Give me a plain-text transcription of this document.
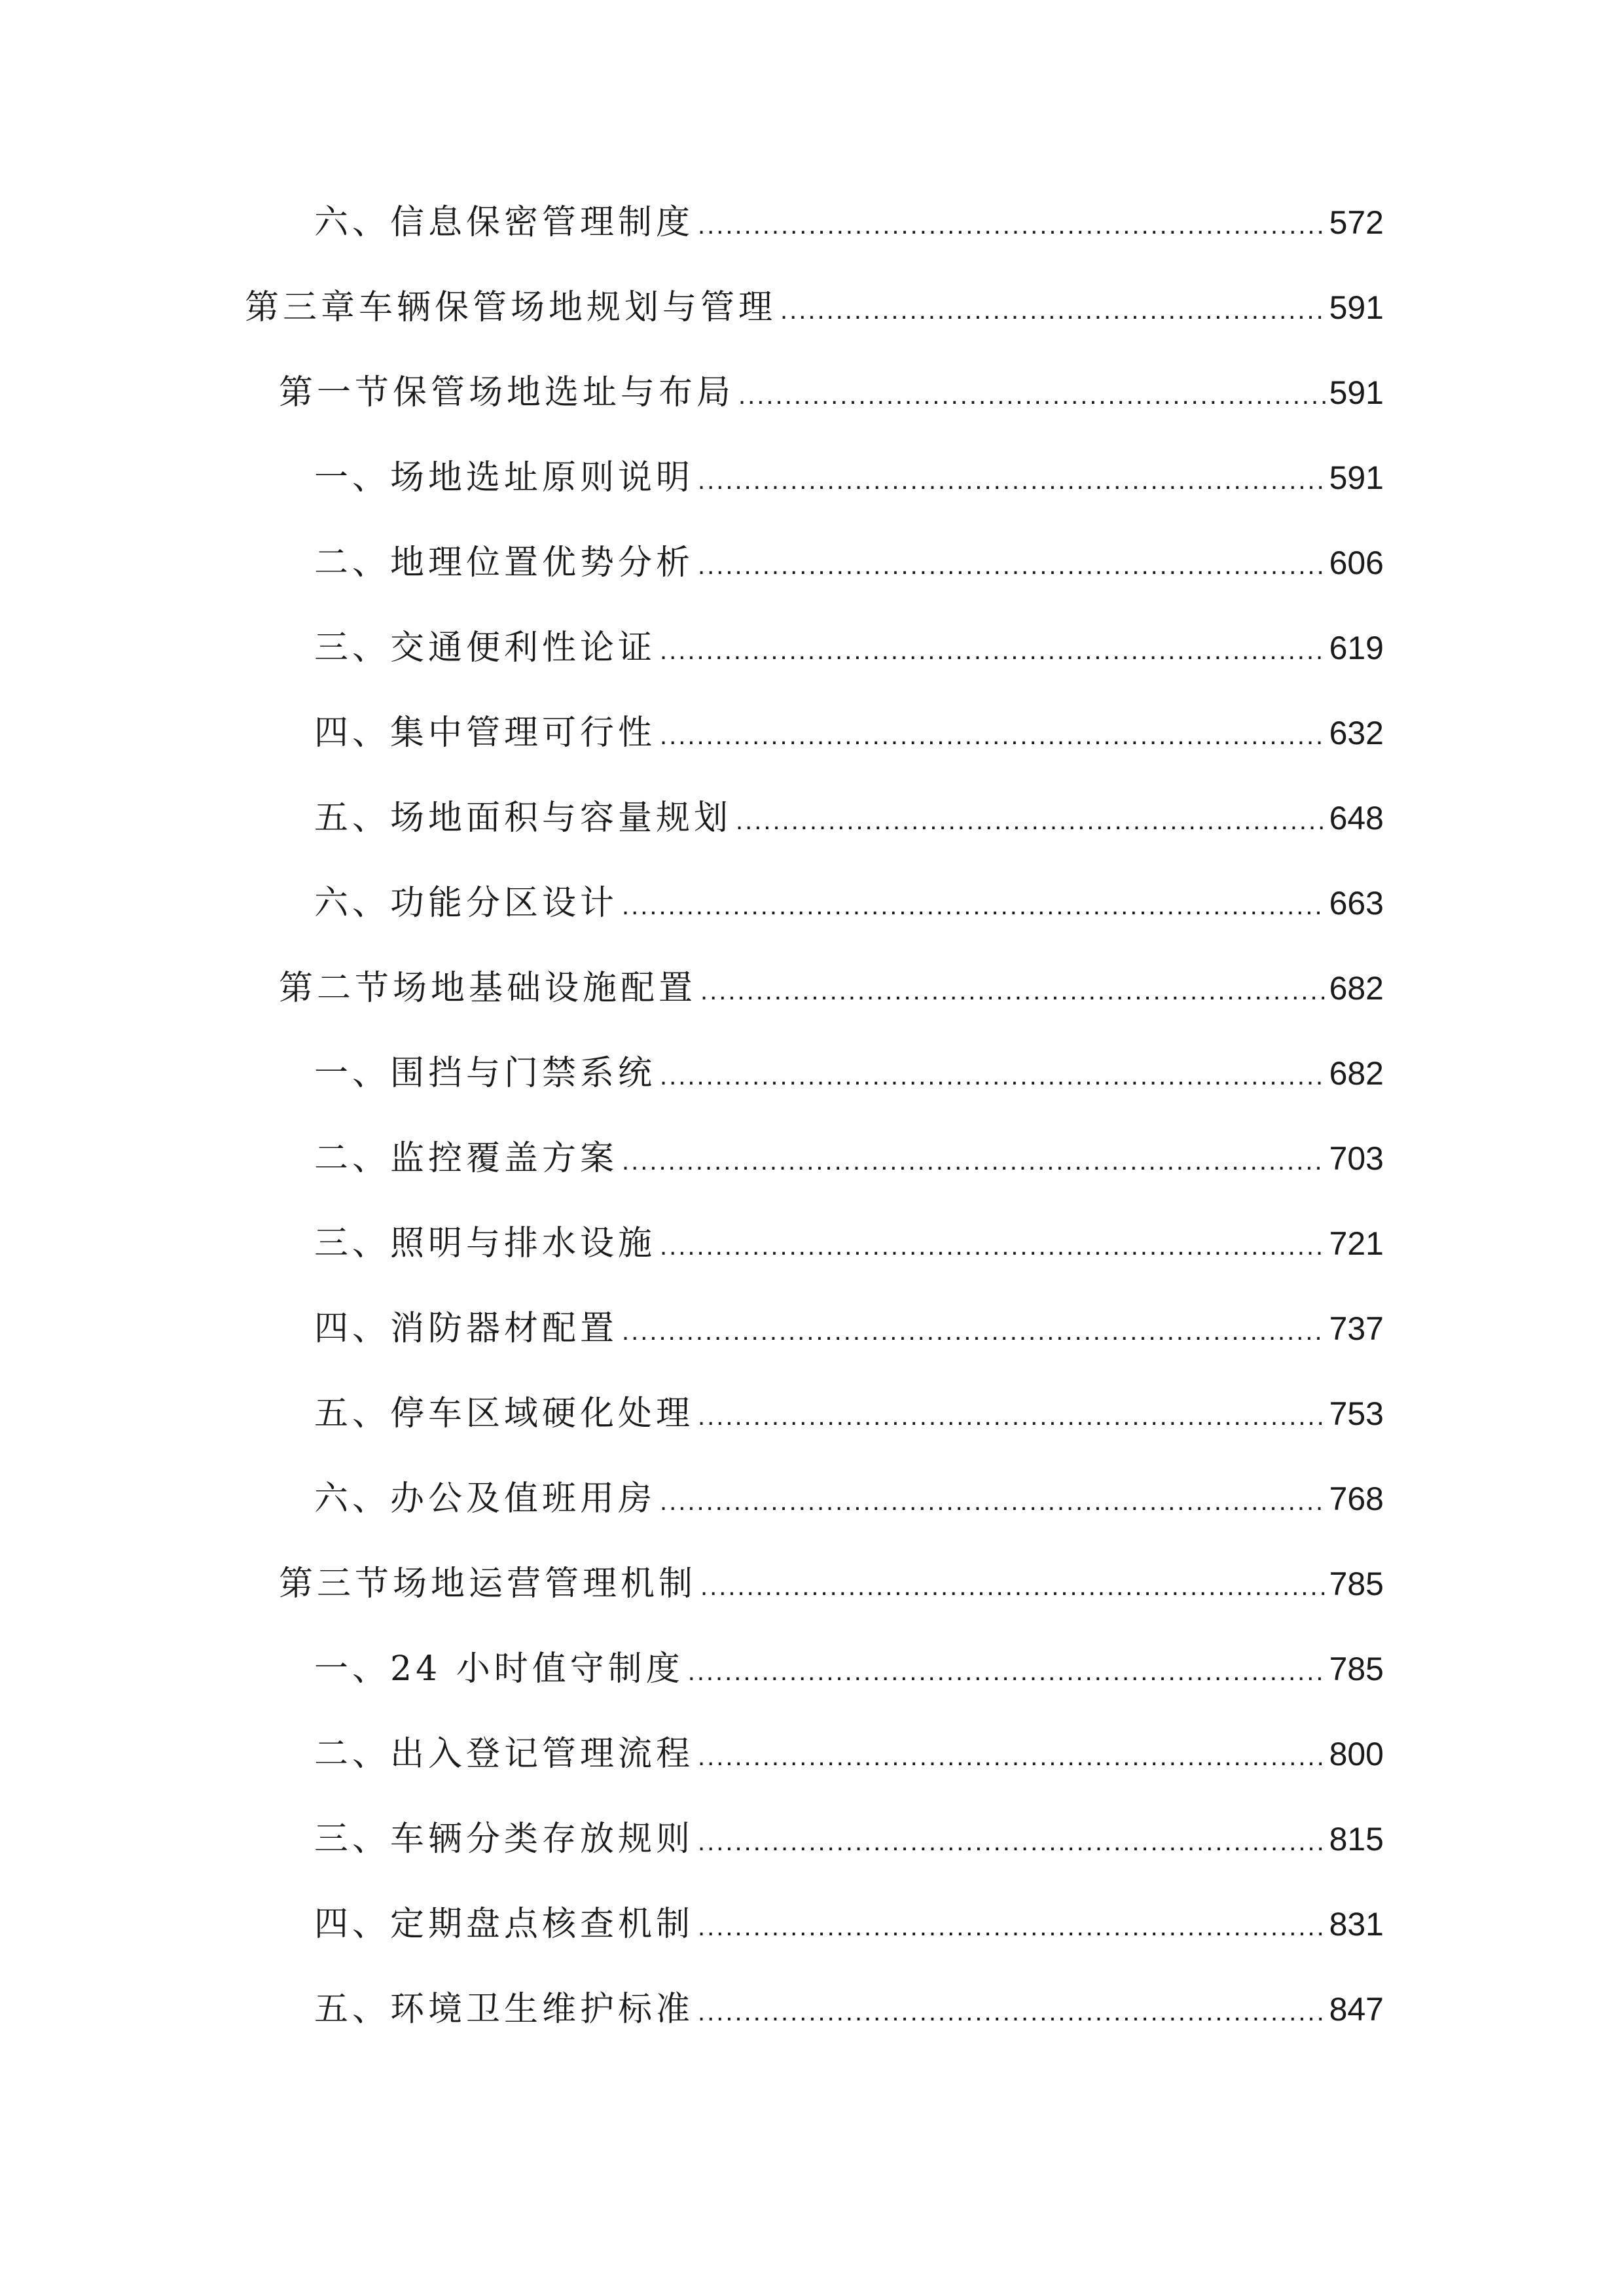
六、信息保密管理制度 .....	572
第三章车辆保管场地规划与管理 .....	591
第一节保管场地选址与布局 .....	591
一、场地选址原则说明 .....	591
二、地理位置优势分析 .....	606
三、交通便利性论证 .....	619
四、集中管理可行性 .....	632
五、场地面积与容量规划 .....	648
六、功能分区设计 .....	663
第二节场地基础设施配置 .....	682
一、围挡与门禁系统 .....	682
二、监控覆盖方案 .....	703
三、照明与排水设施 .....	721
四、消防器材配置 .....	737
五、停车区域硬化处理 .....	753
六、办公及值班用房 .....	768
第三节场地运营管理机制 .....	785
一、24 小时值守制度 .....	785
二、出入登记管理流程 .....	800
三、车辆分类存放规则 .....	815
四、定期盘点核查机制 .....	831
五、环境卫生维护标准 .....	847
